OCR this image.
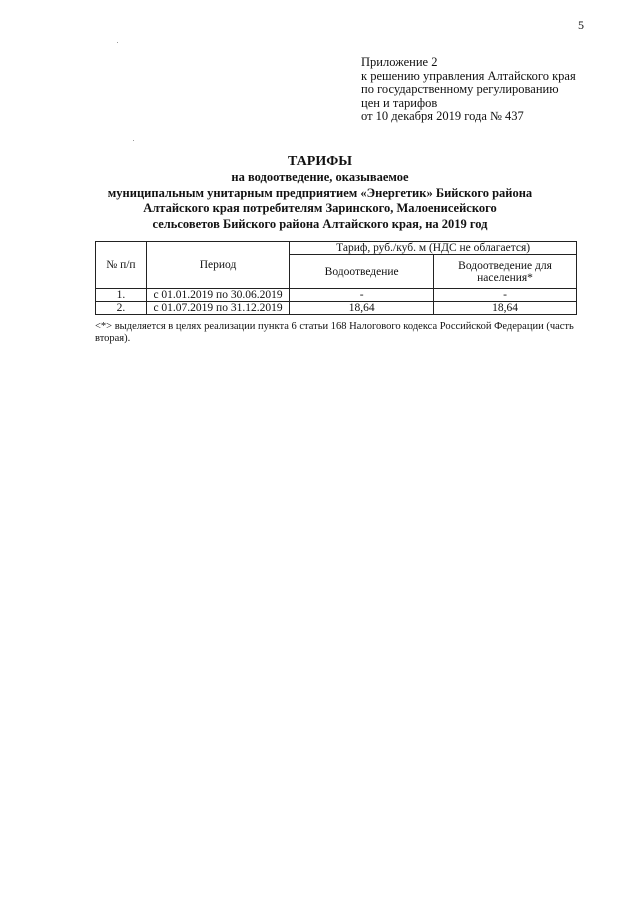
5
Приложение 2
к решению управления Алтайского края
по государственному регулированию
цен и тарифов
от 10 декабря 2019 года № 437
ТАРИФЫ
на водоотведение, оказываемое
муниципальным унитарным предприятием «Энергетик» Бийского района
Алтайского края потребителям Заринского, Малоенисейского
сельсоветов Бийского района Алтайского края, на 2019 год
№ п/п	Период	Тариф, руб./куб. м (НДС не облагается)	
		Водоотведение	Водоотведение для
населения*

1.	с 01.01.2019 по 30.06.2019	-	-
2.	с 01.07.2019 по 31.12.2019	18,64	18,64
<*> выделяется в целях реализации пункта 6 статьи 168 Налогового кодекса Российской Федерации (часть вторая).
